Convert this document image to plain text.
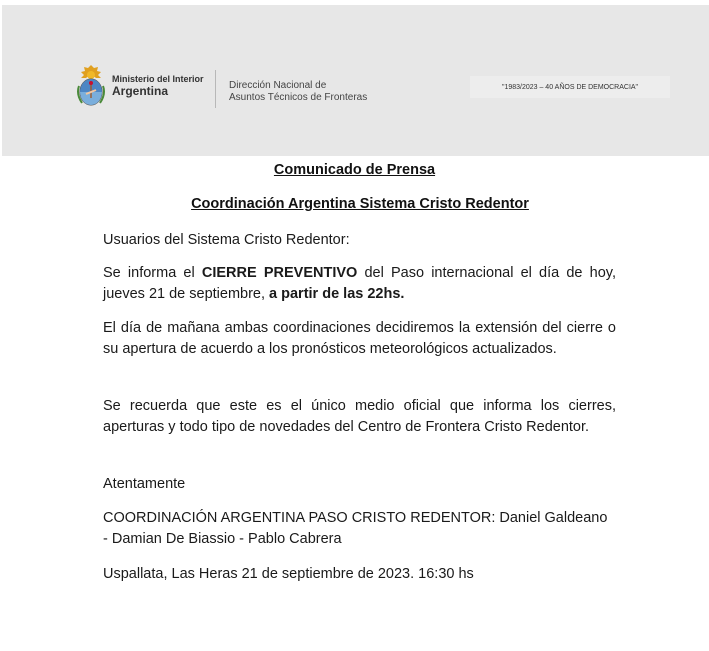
Ministerio del Interior
Argentina	Dirección Nacional de
Asuntos Técnicos de Fronteras
"1983/2023 – 40 AÑOS DE DEMOCRACIA"
Comunicado de Prensa
Coordinación Argentina Sistema Cristo Redentor
Usuarios del Sistema Cristo Redentor:
Se informa el CIERRE PREVENTIVO del Paso internacional el día de hoy, jueves 21 de septiembre, a partir de las 22hs.
El día de mañana ambas coordinaciones decidiremos la extensión del cierre o su apertura de acuerdo a los pronósticos meteorológicos actualizados.
Se recuerda que este es el único medio oficial que informa los cierres, aperturas y todo tipo de novedades del Centro de Frontera Cristo Redentor.
Atentamente
COORDINACIÓN ARGENTINA PASO CRISTO REDENTOR: Daniel Galdeano - Damian De Biassio - Pablo Cabrera
Uspallata, Las Heras 21 de septiembre de 2023. 16:30 hs
